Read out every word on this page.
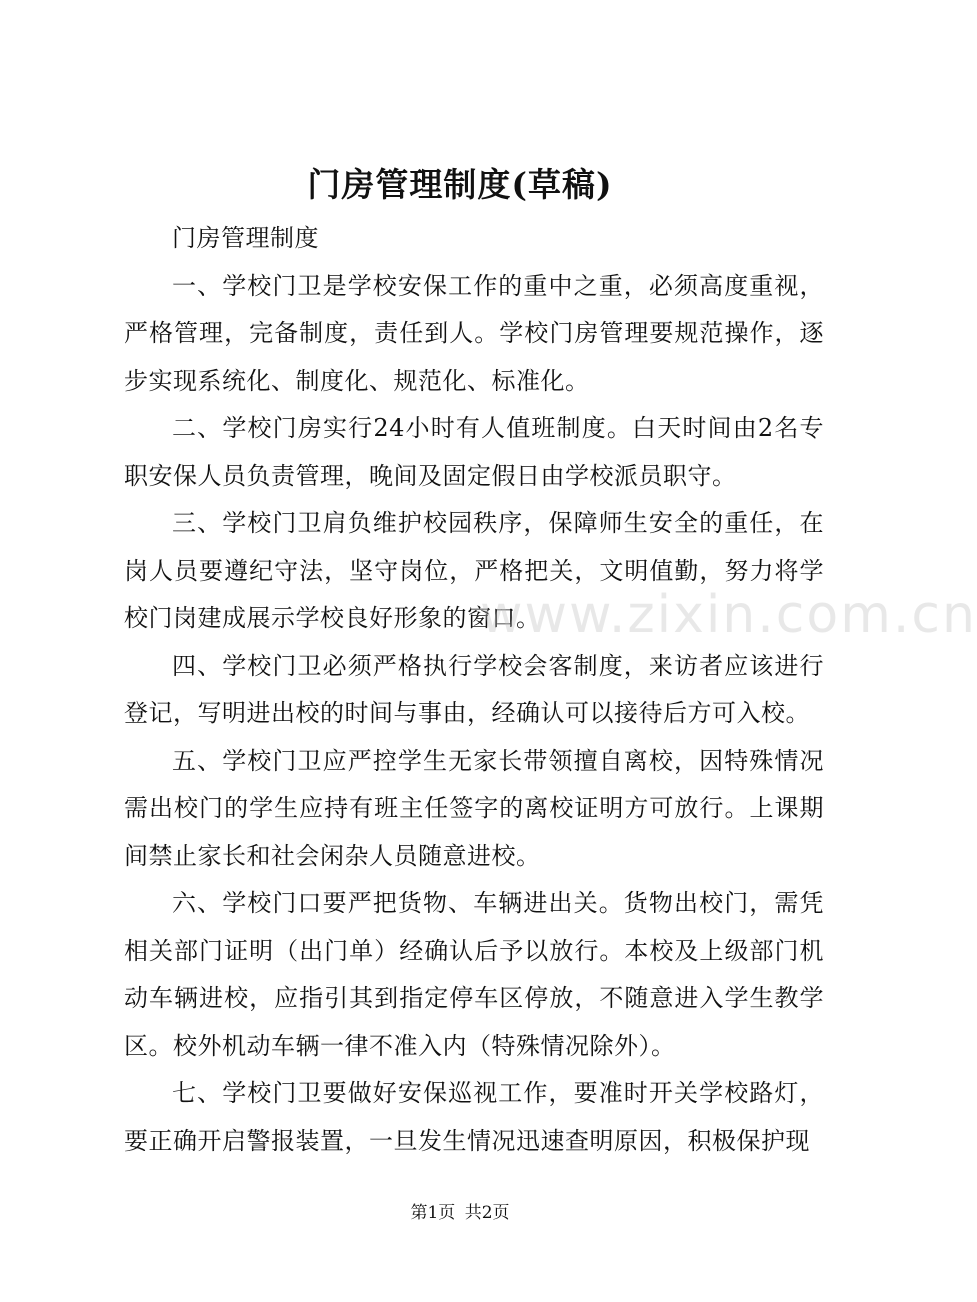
门房管理制度(草稿)

门房管理制度

一、学校门卫是学校安保工作的重中之重，必须高度重视，严格管理，完备制度，责任到人。学校门房管理要规范操作，逐步实现系统化、制度化、规范化、标准化。

二、学校门房实行24小时有人值班制度。白天时间由2名专职安保人员负责管理，晚间及固定假日由学校派员职守。

三、学校门卫肩负维护校园秩序，保障师生安全的重任，在岗人员要遵纪守法，坚守岗位，严格把关，文明值勤，努力将学校门岗建成展示学校良好形象的窗口。

四、学校门卫必须严格执行学校会客制度，来访者应该进行登记，写明进出校的时间与事由，经确认可以接待后方可入校。

五、学校门卫应严控学生无家长带领擅自离校，因特殊情况需出校门的学生应持有班主任签字的离校证明方可放行。上课期间禁止家长和社会闲杂人员随意进校。

六、学校门口要严把货物、车辆进出关。货物出校门，需凭相关部门证明（出门单）经确认后予以放行。本校及上级部门机动车辆进校，应指引其到指定停车区停放，不随意进入学生教学区。校外机动车辆一律不准入内（特殊情况除外）。

七、学校门卫要做好安保巡视工作，要准时开关学校路灯，要正确开启警报装置，一旦发生情况迅速查明原因，积极保护现

www.zixin.com.cn
第1页 共2页
